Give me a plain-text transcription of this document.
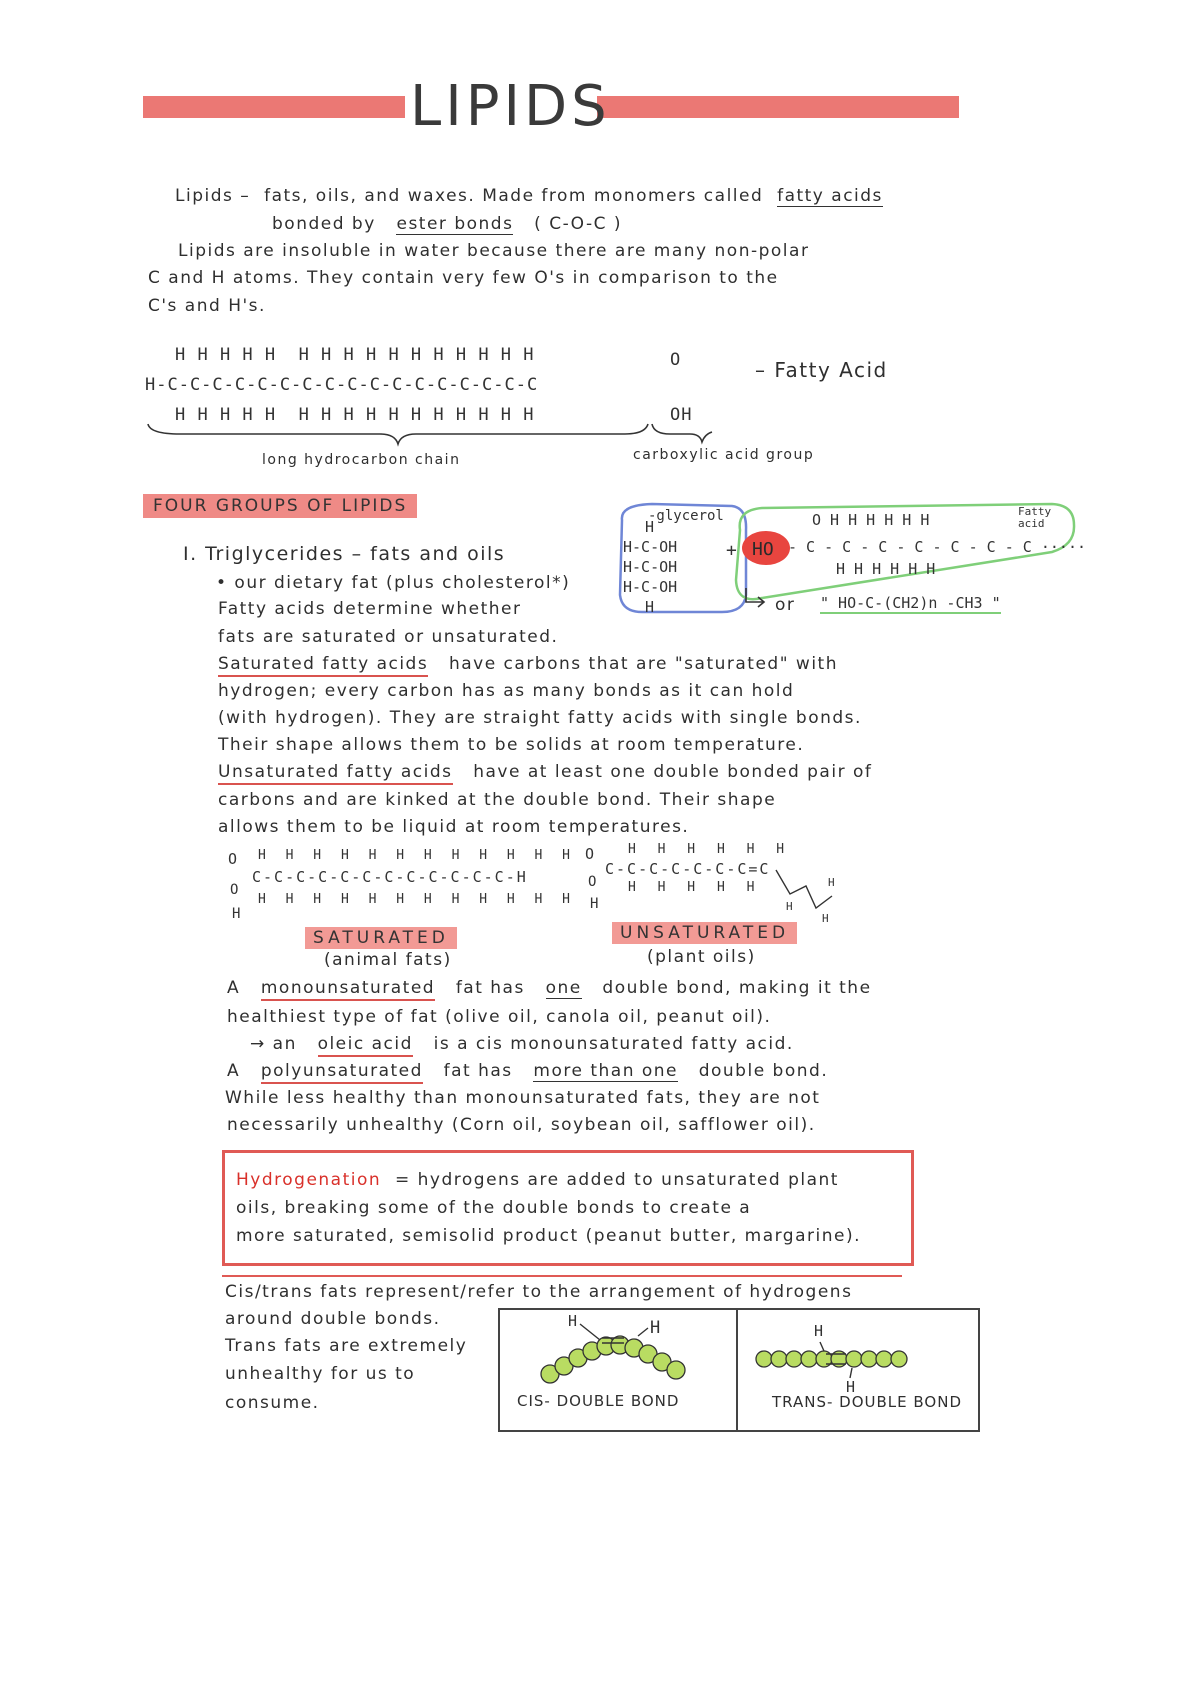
LIPIDS
Lipids – fats, oils, and waxes. Made from monomers called fatty acids
bonded by ester bonds ( C-O-C )
Lipids are insoluble in water because there are many non-polar
C and H atoms. They contain very few O's in comparison to the
C's and H's.
H H H H H  H H H H H H H H H H H
H-C-C-C-C-C-C-C-C-C-C-C-C-C-C-C-C-C
H H H H H  H H H H H H H H H H H
O
OH
– Fatty Acid
long hydrocarbon chain	carboxylic acid group
FOUR GROUPS OF LIPIDS
I. Triglycerides – fats and oils
• our dietary fat (plus cholesterol*)
Fatty acids determine whether
fats are saturated or unsaturated.
-glycerol
H
H-C-OH
H-C-OH
H-C-OH
H
+ HO
O H H H H H H
- C - C - C - C - C - C - C ·····
H H H H H H
Fatty acid
or " HO-C-(CH2)n -CH3 "
Saturated fatty acids have carbons that are "saturated" with
hydrogen; every carbon has as many bonds as it can hold
(with hydrogen). They are straight fatty acids with single bonds.
Their shape allows them to be solids at room temperature.
Unsaturated fatty acids have at least one double bonded pair of
carbons and are kinked at the double bond. Their shape
allows them to be liquid at room temperatures.
O H H H H H H H H H H H H
C-C-C-C-C-C-C-C-C-C-C-C-H
H H H H H H H H H H H H
O
H
SATURATED
(animal fats)
O	H H H H H H
C-C-C-C-C-C-C=C
H H H H H
O
H	H
H
H
UNSATURATED
(plant oils)
A monounsaturated fat has one double bond, making it the
healthiest type of fat (olive oil, canola oil, peanut oil).
→ an oleic acid is a cis monounsaturated fatty acid.
A polyunsaturated fat has more than one double bond.
While less healthy than monounsaturated fats, they are not
necessarily unhealthy (Corn oil, soybean oil, safflower oil).
Hydrogenation = hydrogens are added to unsaturated plant
oils, breaking some of the double bonds to create a
more saturated, semisolid product (peanut butter, margarine).
Cis/trans fats represent/refer to the arrangement of hydrogens
around double bonds.
Trans fats are extremely
unhealthy for us to
consume.
H	H
CIS- DOUBLE BOND
H
H
TRANS- DOUBLE BOND
